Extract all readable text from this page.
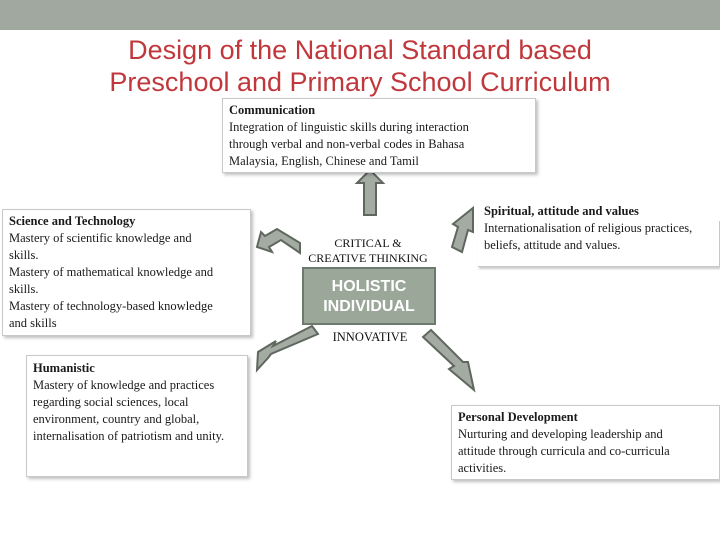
Design of the National Standard based
Preschool and Primary School Curriculum
Communication
Integration of linguistic skills during interaction
through verbal and non-verbal codes in Bahasa
Malaysia, English, Chinese and Tamil
Science and Technology
Mastery of scientific knowledge and
skills.
Mastery of mathematical knowledge and
skills.
Mastery of technology-based knowledge
and skills
Spiritual, attitude and values
Internationalisation of religious practices,
beliefs, attitude and values.
CRITICAL &
CREATIVE THINKING
HOLISTIC
INDIVIDUAL
INNOVATIVE
Humanistic
Mastery of knowledge and practices
regarding social sciences, local
environment, country and global,
internalisation of patriotism and unity.
Personal Development
Nurturing and developing leadership and
attitude through curricula and co-curricula
activities.
